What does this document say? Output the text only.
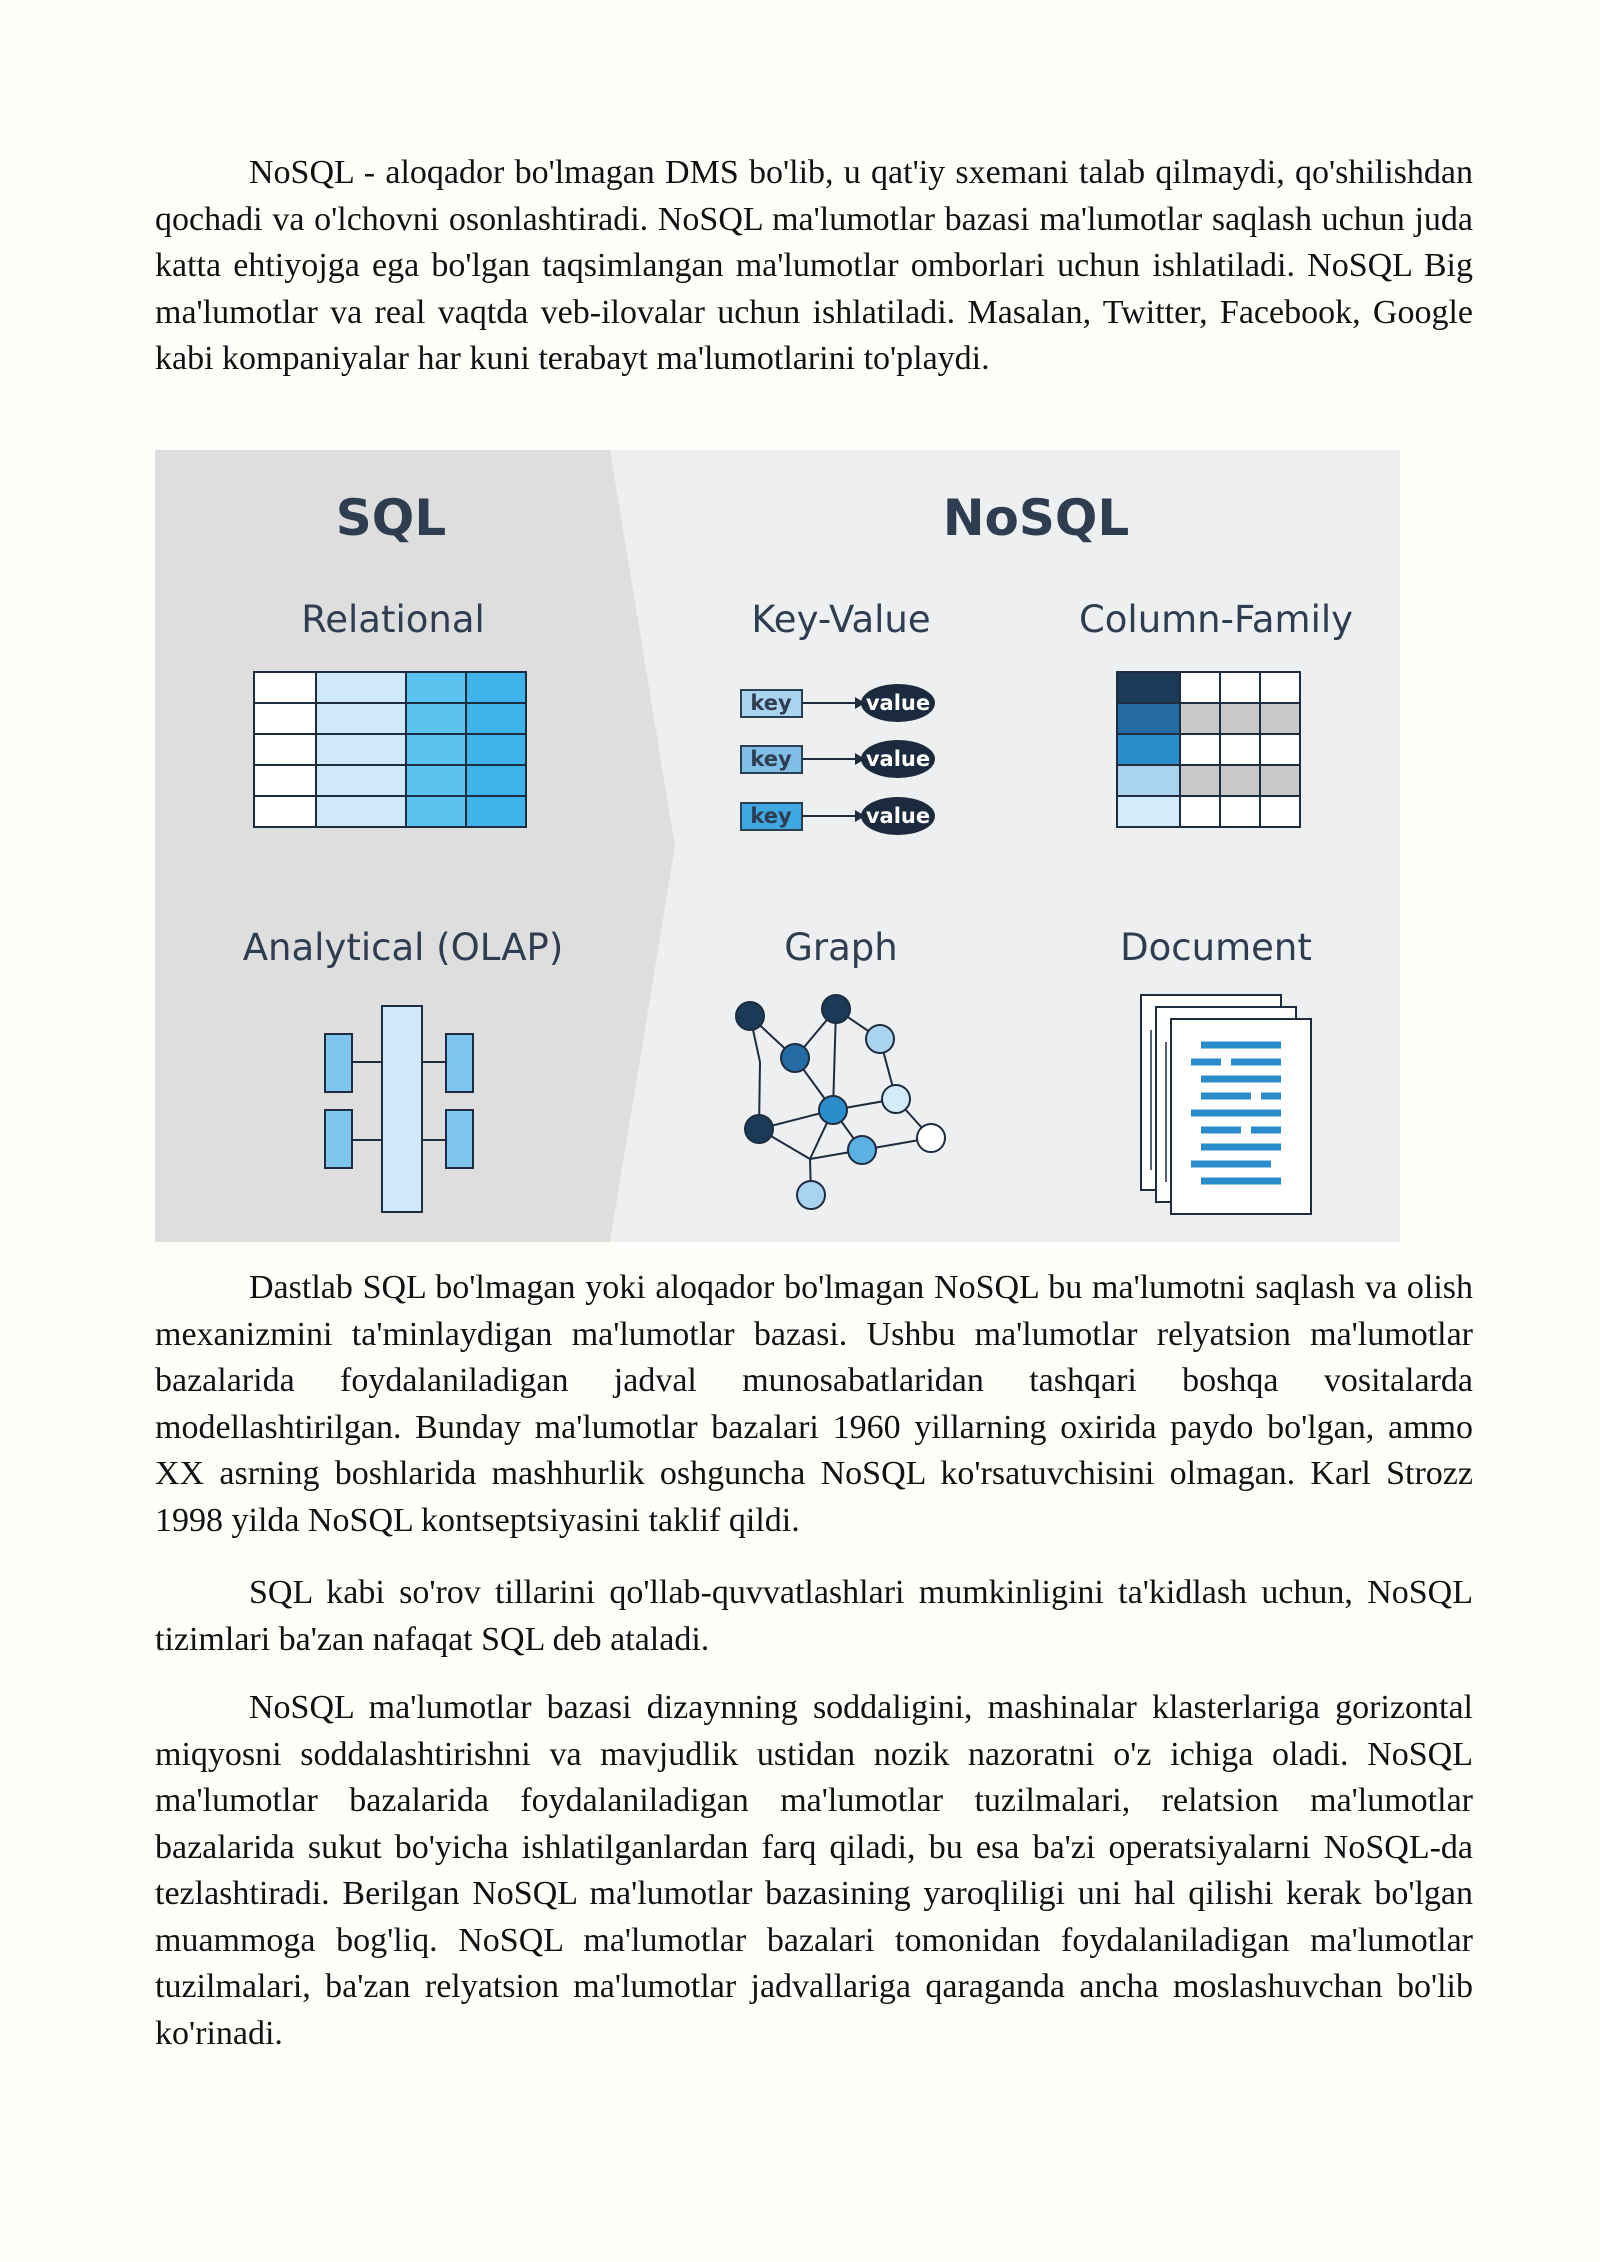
NoSQL - aloqador bo'lmagan DMS bo'lib, u qat'iy sxemani talab qilmaydi, qo'shilishdan qochadi va o'lchovni osonlashtiradi. NoSQL ma'lumotlar bazasi ma'lumotlar saqlash uchun juda katta ehtiyojga ega bo'lgan taqsimlangan ma'lumotlar omborlari uchun ishlatiladi. NoSQL Big ma'lumotlar va real vaqtda veb-ilovalar uchun ishlatiladi. Masalan, Twitter, Facebook, Google kabi kompaniyalar har kuni terabayt ma'lumotlarini to'playdi.

SQL	NoSQL
Relational	Key-Value	Column-Family
Analytical (OLAP)	Graph	Document
key	value
key	value
key	value

Dastlab SQL bo'lmagan yoki aloqador bo'lmagan NoSQL bu ma'lumotni saqlash va olish mexanizmini ta'minlaydigan ma'lumotlar bazasi. Ushbu ma'lumotlar relyatsion ma'lumotlar bazalarida foydalaniladigan jadval munosabatlaridan tashqari boshqa vositalarda modellashtirilgan. Bunday ma'lumotlar bazalari 1960 yillarning oxirida paydo bo'lgan, ammo XX asrning boshlarida mashhurlik oshguncha NoSQL ko'rsatuvchisini olmagan. Karl Strozz 1998 yilda NoSQL kontseptsiyasini taklif qildi.

SQL kabi so'rov tillarini qo'llab-quvvatlashlari mumkinligini ta'kidlash uchun, NoSQL tizimlari ba'zan nafaqat SQL deb ataladi.

NoSQL ma'lumotlar bazasi dizaynning soddaligini, mashinalar klasterlariga gorizontal miqyosni soddalashtirishni va mavjudlik ustidan nozik nazoratni o'z ichiga oladi. NoSQL ma'lumotlar bazalarida foydalaniladigan ma'lumotlar tuzilmalari, relatsion ma'lumotlar bazalarida sukut bo'yicha ishlatilganlardan farq qiladi, bu esa ba'zi operatsiyalarni NoSQL-da tezlashtiradi. Berilgan NoSQL ma'lumotlar bazasining yaroqliligi uni hal qilishi kerak bo'lgan muammoga bog'liq. NoSQL ma'lumotlar bazalari tomonidan foydalaniladigan ma'lumotlar tuzilmalari, ba'zan relyatsion ma'lumotlar jadvallariga qaraganda ancha moslashuvchan bo'lib ko'rinadi.
